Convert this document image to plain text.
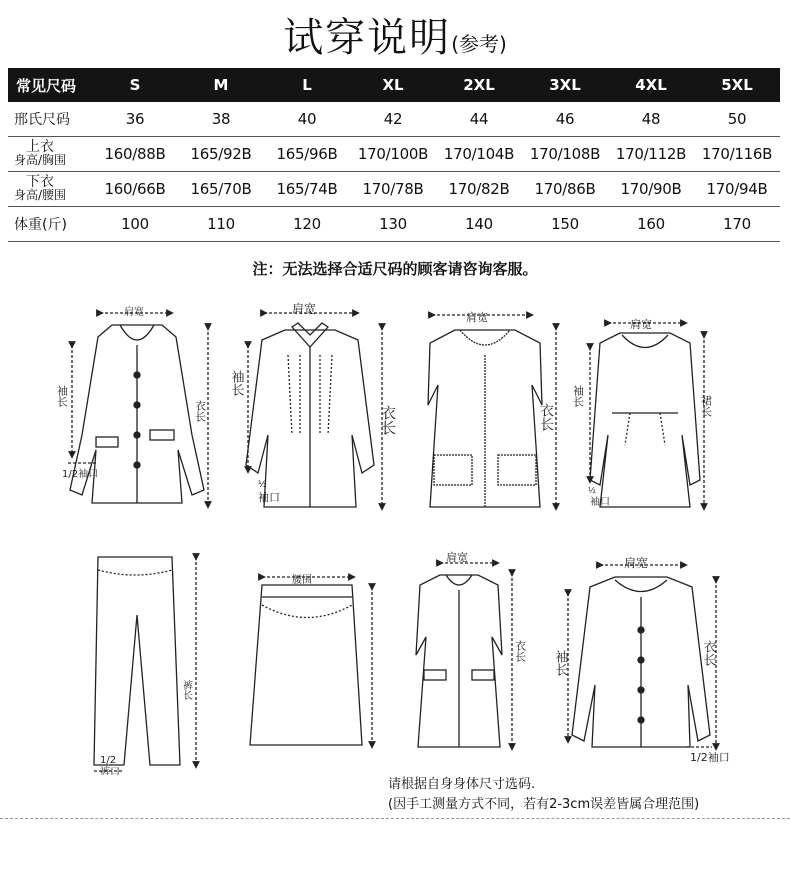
试穿说明(参考)
常见尺码	S	M	L	XL	2XL	3XL	4XL	5XL
邢氏尺码	36	38	40	42	44	46	48	50

上衣
身高/胸围	160/88B	165/92B	165/96B	170/100B	170/104B	170/108B	170/112B	170/116B

下衣
身高/腰围	160/66B	165/70B	165/74B	170/78B	170/82B	170/86B	170/90B	170/94B
体重(斤)	100	110	120	130	140	150	160	170
注：无法选择合适尺码的顾客请咨询客服。
肩宽
袖长
衣长
1/2袖口
肩宽
袖长
衣长
½
袖口
肩宽
衣长
肩宽
袖长	裙长
½
袖口
裤长
1/2
裤口
腰围
肩宽
衣长
肩宽
袖长	衣长
1/2袖口
请根据自身身体尺寸选码.
(因手工测量方式不同，若有2-3cm误差皆属合理范围)
